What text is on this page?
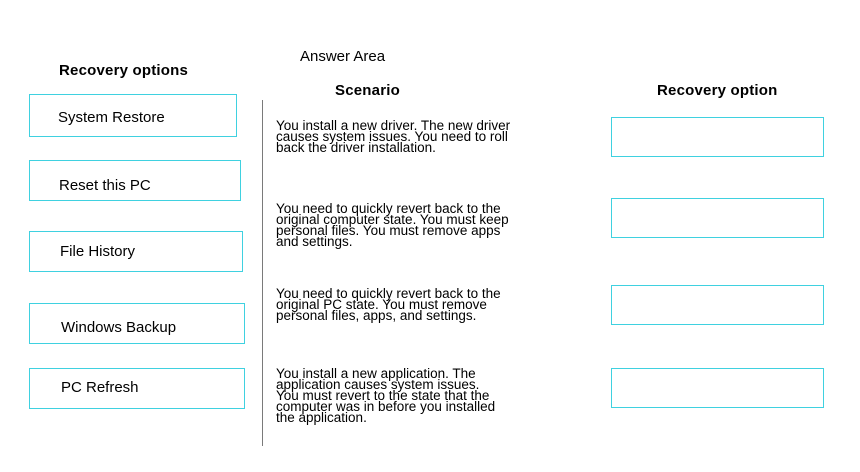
Answer Area
Recovery options
System Restore
Reset this PC
File History
Windows Backup
PC Refresh
Scenario	Recovery option
You install a new driver. The new driver
causes system issues. You need to roll
back the driver installation.
You need to quickly revert back to the
original computer state. You must keep
personal files. You must remove apps
and settings.
You need to quickly revert back to the
original PC state. You must remove
personal files, apps, and settings.
You install a new application. The
application causes system issues.
You must revert to the state that the
computer was in before you installed
the application.
